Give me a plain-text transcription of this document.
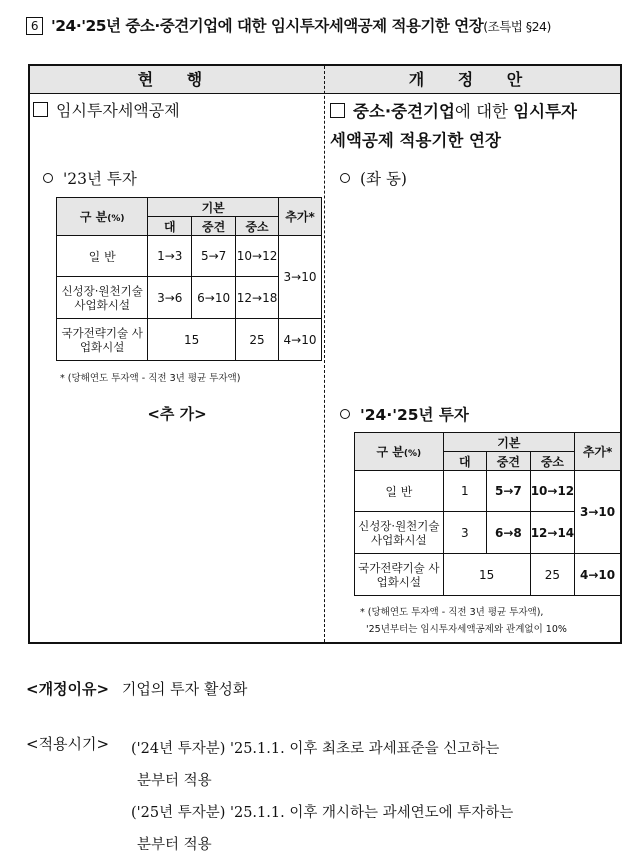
6 '24·'25년 중소·중견기업에 대한 임시투자세액공제 적용기한 연장(조특법 §24)
현 행	개 정 안
임시투자세액공제
'23년 투자
구 분(%)	기본			추가*
	대	중견	중소	
일 반	1→3	5→7	10→12	3→10
신성장·원천기술 사업화시설	3→6	6→10	12→18	
국가전략기술 사업화시설	15		25	4→10
* (당해연도 투자액 - 직전 3년 평균 투자액)
<추 가>
중소·중견기업에 대한 임시투자
세액공제 적용기한 연장
(좌 동)
'24·'25년 투자
구 분(%)	기본			추가*
	대	중견	중소	
일 반	1	5→7	10→12	3→10
신성장·원천기술 사업화시설	3	6→8	12→14	
국가전략기술 사업화시설	15		25	4→10
* (당해연도 투자액 - 직전 3년 평균 투자액),
'25년부터는 임시투자세액공제와 관계없이 10%
<개정이유> 기업의 투자 활성화
<적용시기> ('24년 투자분) '25.1.1. 이후 최초로 과세표준을 신고하는
분부터 적용
('25년 투자분) '25.1.1. 이후 개시하는 과세연도에 투자하는
분부터 적용
